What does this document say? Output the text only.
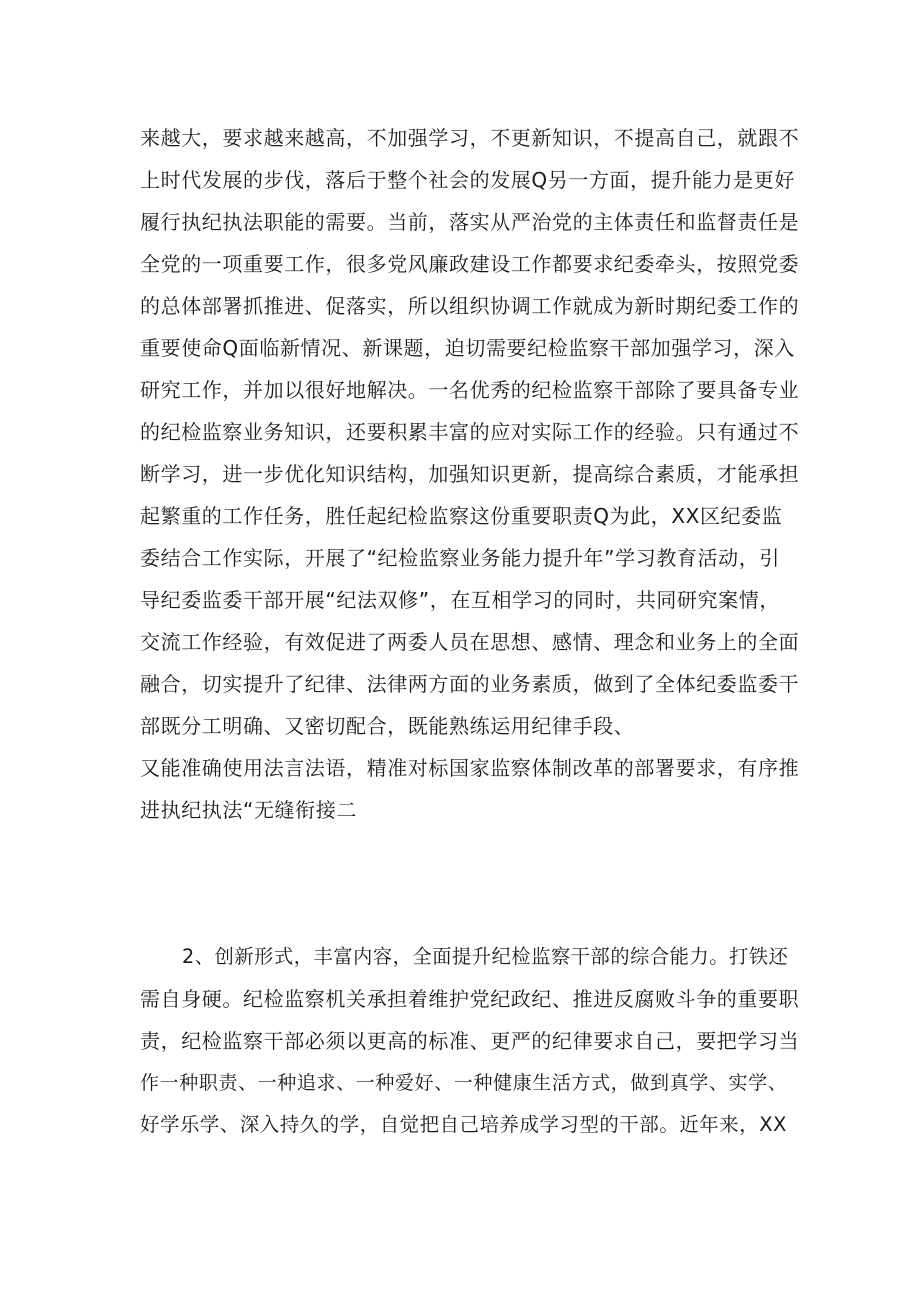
来越大，要求越来越高，不加强学习，不更新知识，不提高自己，就跟不
上时代发展的步伐，落后于整个社会的发展Q另一方面，提升能力是更好
履行执纪执法职能的需要。当前，落实从严治党的主体责任和监督责任是
全党的一项重要工作，很多党风廉政建设工作都要求纪委牵头，按照党委
的总体部署抓推进、促落实，所以组织协调工作就成为新时期纪委工作的
重要使命Q面临新情况、新课题，迫切需要纪检监察干部加强学习，深入
研究工作，并加以很好地解决。一名优秀的纪检监察干部除了要具备专业
的纪检监察业务知识，还要积累丰富的应对实际工作的经验。只有通过不
断学习，进一步优化知识结构，加强知识更新，提高综合素质，才能承担
起繁重的工作任务，胜任起纪检监察这份重要职责Q为此，XX区纪委监
委结合工作实际，开展了“纪检监察业务能力提升年”学习教育活动，引
导纪委监委干部开展“纪法双修”，在互相学习的同时，共同研究案情，
交流工作经验，有效促进了两委人员在思想、感情、理念和业务上的全面
融合，切实提升了纪律、法律两方面的业务素质，做到了全体纪委监委干
部既分工明确、又密切配合，既能熟练运用纪律手段、
又能准确使用法言法语，精准对标国家监察体制改革的部署要求，有序推
进执纪执法“无缝衔接二
2、创新形式，丰富内容，全面提升纪检监察干部的综合能力。打铁还
需自身硬。纪检监察机关承担着维护党纪政纪、推进反腐败斗争的重要职
责，纪检监察干部必须以更高的标准、更严的纪律要求自己，要把学习当
作一种职责、一种追求、一种爱好、一种健康生活方式，做到真学、实学、
好学乐学、深入持久的学，自觉把自己培养成学习型的干部。近年来，XX
